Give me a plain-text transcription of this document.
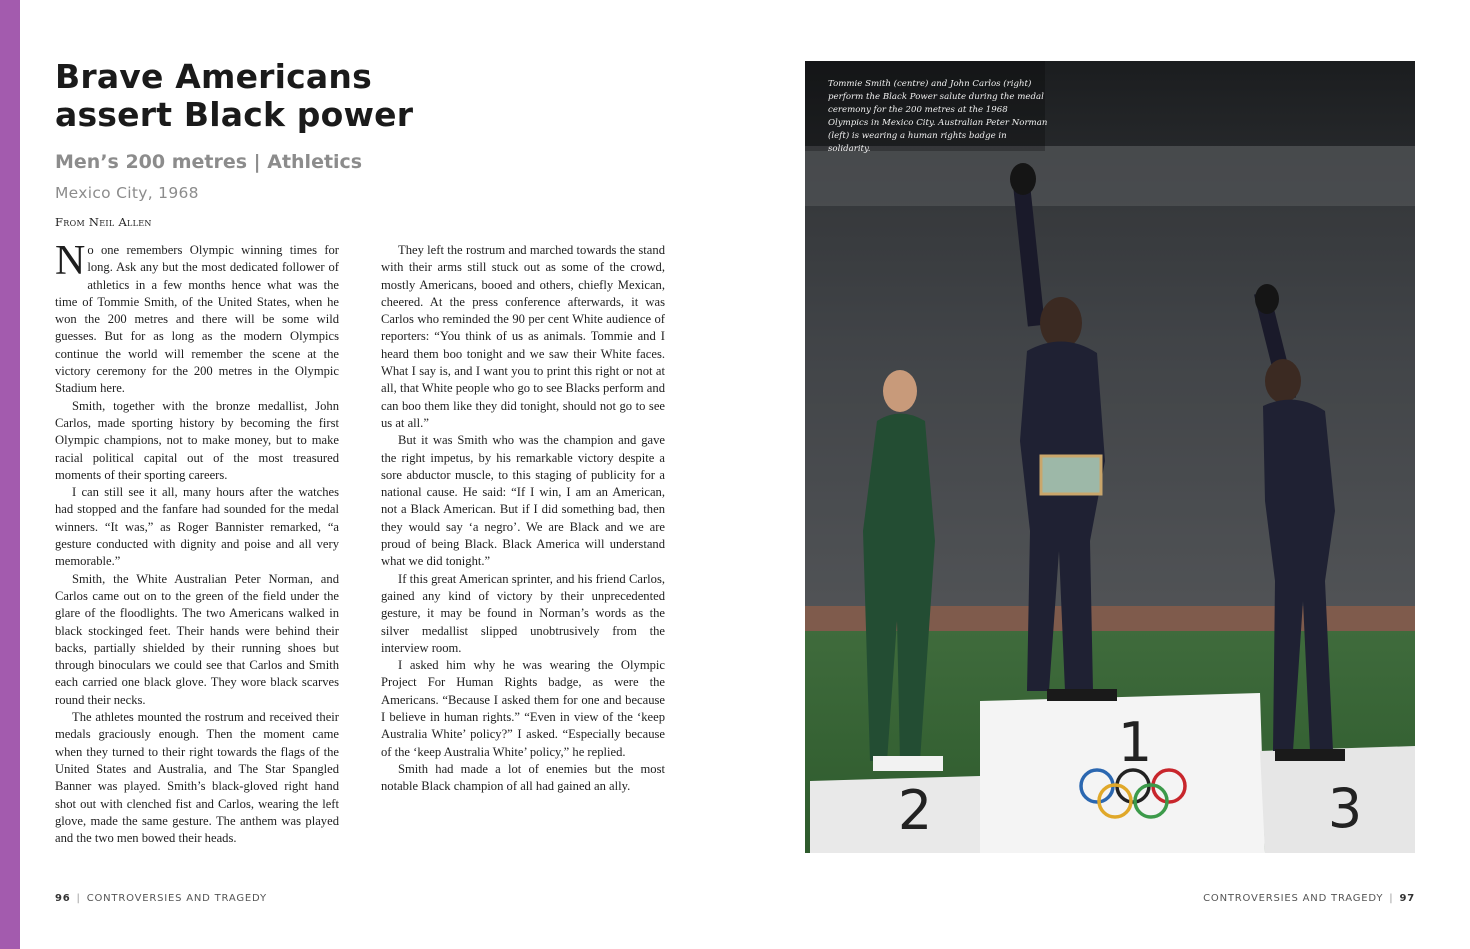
Brave Americans assert Black power
Men’s 200 metres | Athletics
Mexico City, 1968
From Neil Allen

No one remembers Olympic winning times for long. Ask any but the most dedicated follower of athletics in a few months hence what was the time of Tommie Smith, of the United States, when he won the 200 metres and there will be some wild guesses. But for as long as the modern Olympics continue the world will remember the scene at the victory ceremony for the 200 metres in the Olympic Stadium here.

Smith, together with the bronze medallist, John Carlos, made sporting history by becoming the first Olympic champions, not to make money, but to make racial political capital out of the most treasured moments of their sporting careers.

I can still see it all, many hours after the watches had stopped and the fanfare had sounded for the medal winners. “It was,” as Roger Bannister remarked, “a gesture conducted with dignity and poise and all very memorable.”

Smith, the White Australian Peter Norman, and Carlos came out on to the green of the field under the glare of the floodlights. The two Americans walked in black stockinged feet. Their hands were behind their backs, partially shielded by their running shoes but through binoculars we could see that Carlos and Smith each carried one black glove. They wore black scarves round their necks.

The athletes mounted the rostrum and received their medals graciously enough. Then the moment came when they turned to their right towards the flags of the United States and Australia, and The Star Spangled Banner was played. Smith’s black-gloved right hand shot out with clenched fist and Carlos, wearing the left glove, made the same gesture. The anthem was played and the two men bowed their heads.

They left the rostrum and marched towards the stand with their arms still stuck out as some of the crowd, mostly Americans, booed and others, chiefly Mexican, cheered. At the press conference afterwards, it was Carlos who reminded the 90 per cent White audience of reporters: “You think of us as animals. Tommie and I heard them boo tonight and we saw their White faces. What I say is, and I want you to print this right or not at all, that White people who go to see Blacks perform and can boo them like they did tonight, should not go to see us at all.”

But it was Smith who was the champion and gave the right impetus, by his remarkable victory despite a sore abductor muscle, to this staging of publicity for a national cause. He said: “If I win, I am an American, not a Black American. But if I did something bad, then they would say ‘a negro’. We are Black and we are proud of being Black. Black America will understand what we did tonight.”

If this great American sprinter, and his friend Carlos, gained any kind of victory by their unprecedented gesture, it may be found in Norman’s words as the silver medallist slipped unobtrusively from the interview room.

I asked him why he was wearing the Olympic Project For Human Rights badge, as were the Americans. “Because I asked them for one and because I believe in human rights.” “Even in view of the ‘keep Australia White’ policy?” I asked. “Especially because of the ‘keep Australia White’ policy,” he replied.

Smith had made a lot of enemies but the most notable Black champion of all had gained an ally.	2
1
3
Tommie Smith (centre) and John Carlos (right) perform the Black Power salute during the medal ceremony for the 200 metres at the 1968 Olympics in Mexico City. Australian Peter Norman (left) is wearing a human rights badge in solidarity.
96 | CONTROVERSIES AND TRAGEDY	CONTROVERSIES AND TRAGEDY | 97
